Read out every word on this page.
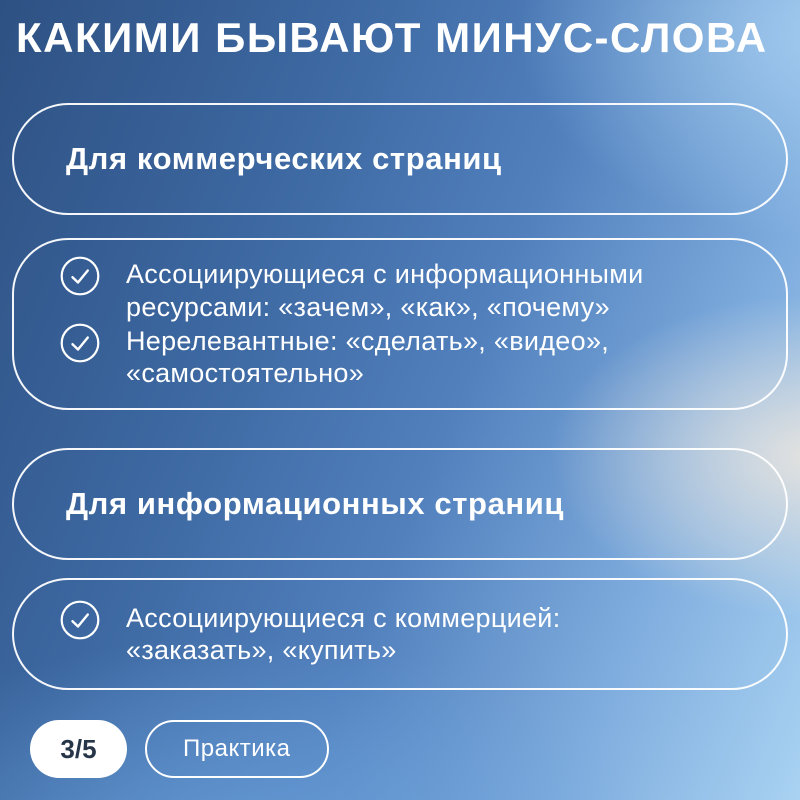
КАКИМИ БЫВАЮТ МИНУС-СЛОВА
Для коммерческих страниц
Ассоциирующиеся с информационными ресурсами: «зачем», «как», «почему»
Нерелевантные: «сделать», «видео», «самостоятельно»
Для информационных страниц
Ассоциирующиеся с коммерцией: «заказать», «купить»
3/5	Практика
